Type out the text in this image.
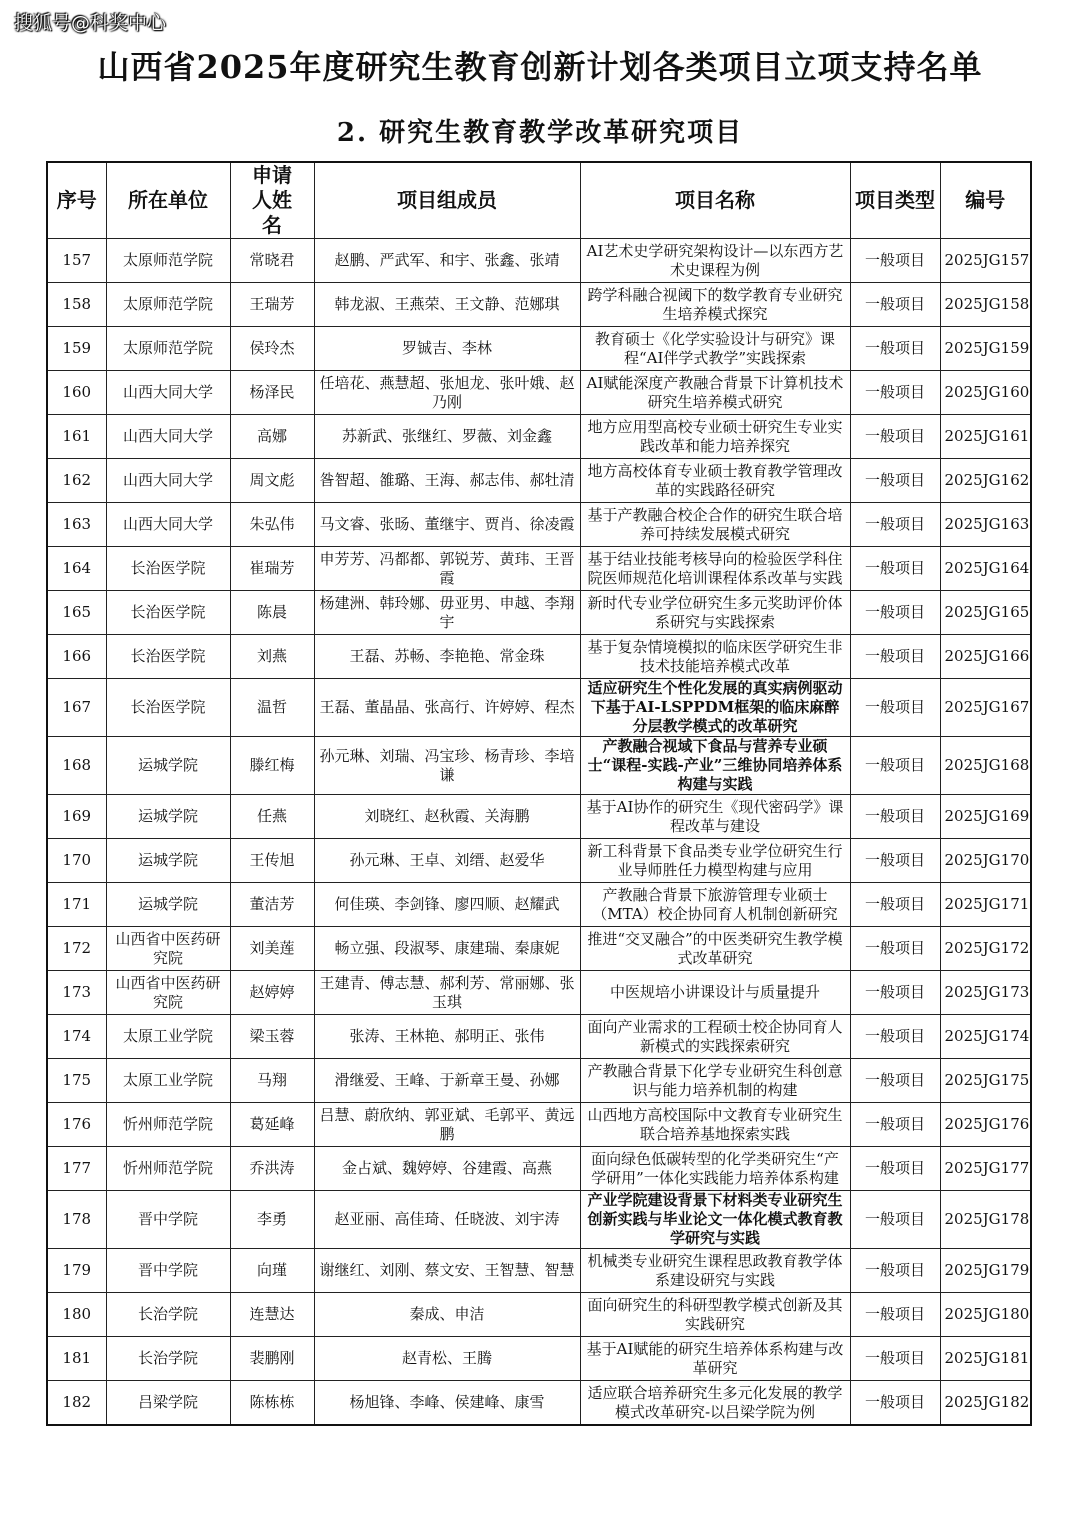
搜狐号@科奖中心
山西省2025年度研究生教育创新计划各类项目立项支持名单
2. 研究生教育教学改革研究项目
序号	所在单位	申请人姓名	项目组成员	项目名称	项目类型	编号
157	太原师范学院	常晓君	赵鹏、严武军、和宇、张鑫、张靖	AI艺术史学研究架构设计—以东西方艺术史课程为例	一般项目	2025JG157
158	太原师范学院	王瑞芳	韩龙淑、王燕荣、王文静、范娜琪	跨学科融合视阈下的数学教育专业研究生培养模式探究	一般项目	2025JG158
159	太原师范学院	侯玲杰	罗铖吉、李林	教育硕士《化学实验设计与研究》课程“AI伴学式教学”实践探索	一般项目	2025JG159
160	山西大同大学	杨泽民	任培花、燕慧超、张旭龙、张叶娥、赵乃刚	AI赋能深度产教融合背景下计算机技术研究生培养模式研究	一般项目	2025JG160
161	山西大同大学	高娜	苏新武、张继红、罗薇、刘金鑫	地方应用型高校专业硕士研究生专业实践改革和能力培养探究	一般项目	2025JG161
162	山西大同大学	周文彪	昝智超、雒璐、王海、郝志伟、郝牡清	地方高校体育专业硕士教育教学管理改革的实践路径研究	一般项目	2025JG162
163	山西大同大学	朱弘伟	马文睿、张旸、董继宇、贾肖、徐凌霞	基于产教融合校企合作的研究生联合培养可持续发展模式研究	一般项目	2025JG163
164	长治医学院	崔瑞芳	申芳芳、冯都都、郭锐芳、黄玮、王晋霞	基于结业技能考核导向的检验医学科住院医师规范化培训课程体系改革与实践	一般项目	2025JG164
165	长治医学院	陈晨	杨建洲、韩玲娜、毋亚男、申越、李翔宇	新时代专业学位研究生多元奖助评价体系研究与实践探索	一般项目	2025JG165
166	长治医学院	刘燕	王磊、苏畅、李艳艳、常金珠	基于复杂情境模拟的临床医学研究生非技术技能培养模式改革	一般项目	2025JG166
167	长治医学院	温哲	王磊、董晶晶、张高行、许婷婷、程杰	适应研究生个性化发展的真实病例驱动下基于AI-LSPPDM框架的临床麻醉分层教学模式的改革研究	一般项目	2025JG167
168	运城学院	滕红梅	孙元琳、刘瑞、冯宝珍、杨青珍、李培谦	产教融合视域下食品与营养专业硕士“课程-实践-产业”三维协同培养体系构建与实践	一般项目	2025JG168
169	运城学院	任燕	刘晓红、赵秋霞、关海鹏	基于AI协作的研究生《现代密码学》课程改革与建设	一般项目	2025JG169
170	运城学院	王传旭	孙元琳、王卓、刘缙、赵爱华	新工科背景下食品类专业学位研究生行业导师胜任力模型构建与应用	一般项目	2025JG170
171	运城学院	董洁芳	何佳瑛、李剑锋、廖四顺、赵耀武	产教融合背景下旅游管理专业硕士（MTA）校企协同育人机制创新研究	一般项目	2025JG171
172	山西省中医药研究院	刘美莲	畅立强、段淑琴、康建瑞、秦康妮	推进“交叉融合”的中医类研究生教学模式改革研究	一般项目	2025JG172
173	山西省中医药研究院	赵婷婷	王建青、傅志慧、郝利芳、常丽娜、张玉琪	中医规培小讲课设计与质量提升	一般项目	2025JG173
174	太原工业学院	梁玉蓉	张涛、王林艳、郝明正、张伟	面向产业需求的工程硕士校企协同育人新模式的实践探索研究	一般项目	2025JG174
175	太原工业学院	马翔	滑继爱、王峰、于新章王曼、孙娜	产教融合背景下化学专业研究生科创意识与能力培养机制的构建	一般项目	2025JG175
176	忻州师范学院	葛延峰	吕慧、蔚欣纳、郭亚斌、毛郭平、黄远鹏	山西地方高校国际中文教育专业研究生联合培养基地探索实践	一般项目	2025JG176
177	忻州师范学院	乔洪涛	金占斌、魏婷婷、谷建霞、高燕	面向绿色低碳转型的化学类研究生“产学研用”一体化实践能力培养体系构建	一般项目	2025JG177
178	晋中学院	李勇	赵亚丽、高佳琦、任晓波、刘宇涛	产业学院建设背景下材料类专业研究生创新实践与毕业论文一体化模式教育教学研究与实践	一般项目	2025JG178
179	晋中学院	向瑾	谢继红、刘刚、蔡文安、王智慧、智慧	机械类专业研究生课程思政教育教学体系建设研究与实践	一般项目	2025JG179
180	长治学院	连慧达	秦成、申洁	面向研究生的科研型教学模式创新及其实践研究	一般项目	2025JG180
181	长治学院	裴鹏刚	赵青松、王腾	基于AI赋能的研究生培养体系构建与改革研究	一般项目	2025JG181
182	吕梁学院	陈栋栋	杨旭锋、李峰、侯建峰、康雪	适应联合培养研究生多元化发展的教学模式改革研究-以吕梁学院为例	一般项目	2025JG182
